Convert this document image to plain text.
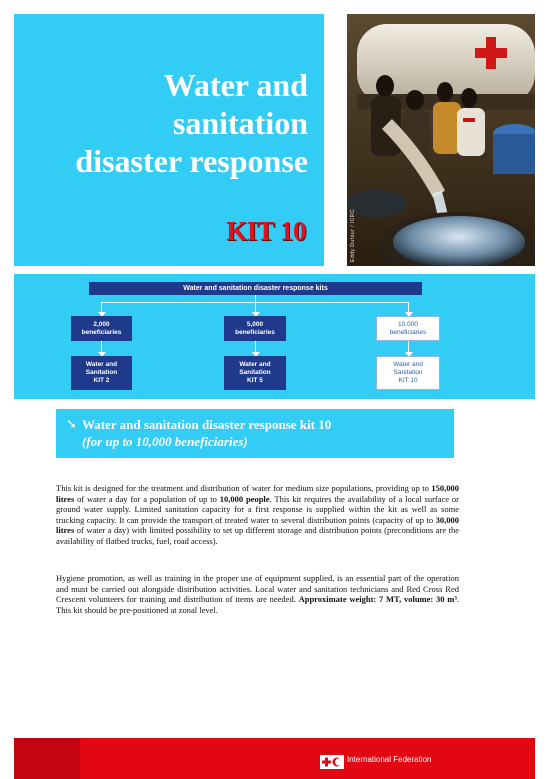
Water and
sanitation
disaster response
KIT 10	Eddy Dufour / ICRC
Water and sanitation disaster response kits
2,000
beneficiaries
5,000
beneficiaries
10,000
beneficiaries
Water and
Sanitation
KIT 2
Water and
Sanitation
KIT 5
Water and
Sanitation
KIT 10
➘ Water and sanitation disaster response kit 10
(for up to 10,000 beneficiaries)
This kit is designed for the treatment and distribution of water for medium size populations, providing up to 150,000 litres of water a day for a population of up to 10,000 people. This kit requires the availability of a local surface or ground water supply. Limited sanitation capacity for a first response is supplied within the kit as well as some trucking capacity. It can provide the transport of treated water to several distribution points (capacity of up to 30,000 litres of water a day) with limited possibility to set up different storage and distribution points (preconditions are the availability of flatbed trucks, fuel, road access).
Hygiene promotion, as well as training in the proper use of equipment supplied, is an essential part of the operation and must be carried out alongside distribution activities. Local water and sanitation technicians and Red Cross Red Crescent volunteers for training and distribution of items are needed. Approximate weight: 7 MT, volume: 30 m³. This kit should be pre-positioned at zonal level.
International Federation
